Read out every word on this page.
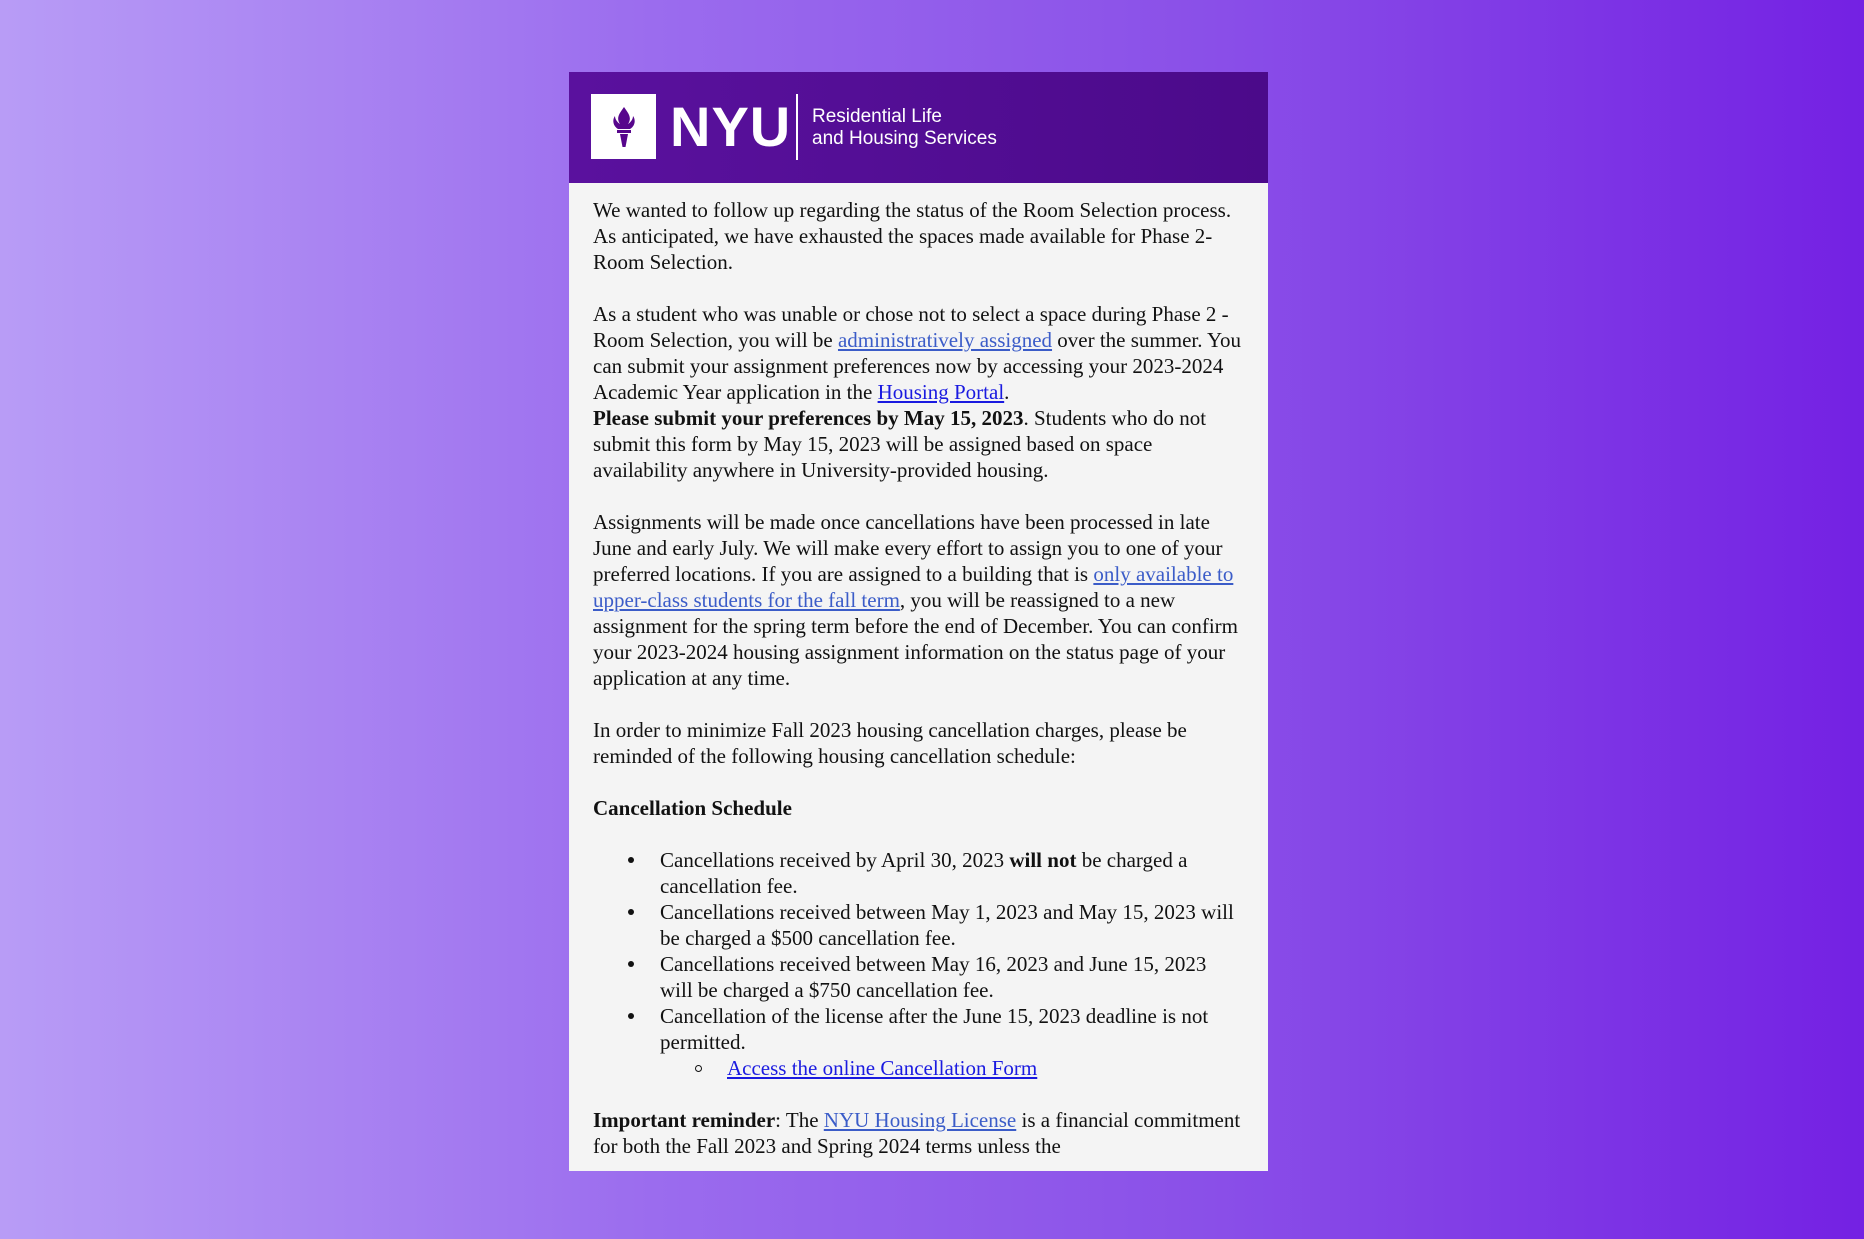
NYU Residential Life
and Housing Services

We wanted to follow up regarding the status of the Room Selection process. As anticipated, we have exhausted the spaces made available for Phase 2- Room Selection.

As a student who was unable or chose not to select a space during Phase 2 - Room Selection, you will be administratively assigned over the summer. You can submit your assignment preferences now by accessing your 2023-2024 Academic Year application in the Housing Portal.
Please submit your preferences by May 15, 2023. Students who do not submit this form by May 15, 2023 will be assigned based on space availability anywhere in University-provided housing.

Assignments will be made once cancellations have been processed in late June and early July. We will make every effort to assign you to one of your preferred locations. If you are assigned to a building that is only available to upper-class students for the fall term, you will be reassigned to a new assignment for the spring term before the end of December. You can confirm your 2023-2024 housing assignment information on the status page of your application at any time.

In order to minimize Fall 2023 housing cancellation charges, please be reminded of the following housing cancellation schedule:

Cancellation Schedule

Cancellations received by April 30, 2023 will not be charged a cancellation fee.
Cancellations received between May 1, 2023 and May 15, 2023 will be charged a $500 cancellation fee.
Cancellations received between May 16, 2023 and June 15, 2023 will be charged a $750 cancellation fee.
Cancellation of the license after the June 15, 2023 deadline is not permitted.
Access the online Cancellation Form

Important reminder: The NYU Housing License is a financial commitment for both the Fall 2023 and Spring 2024 terms unless the
